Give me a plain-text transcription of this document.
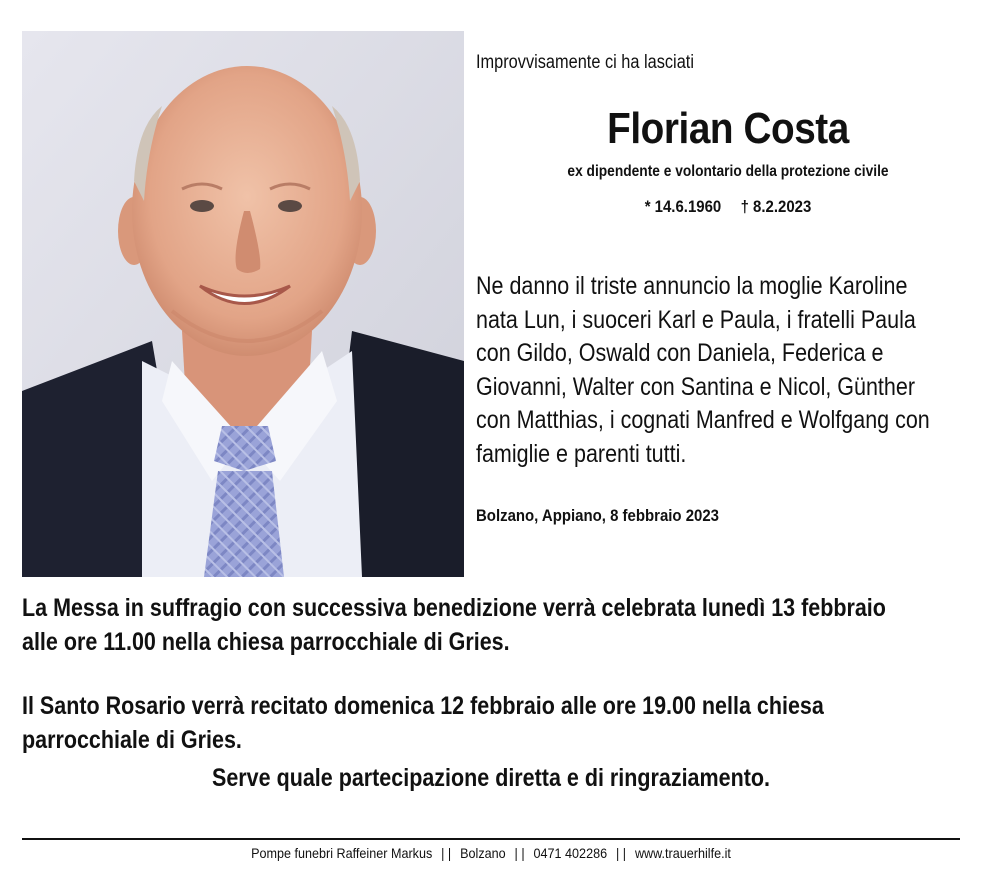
Improvvisamente ci ha lasciati
Florian Costa
ex dipendente e volontario della protezione civile
* 14.6.1960 † 8.2.2023
Ne danno il triste annuncio la moglie Karoline
nata Lun, i suoceri Karl e Paula, i fratelli Paula
con Gildo, Oswald con Daniela, Federica e
Giovanni, Walter con Santina e Nicol, Günther
con Matthias, i cognati Manfred e Wolfgang con
famiglie e parenti tutti.
Bolzano, Appiano, 8 febbraio 2023
La Messa in suffragio con successiva benedizione verrà celebrata lunedì 13 febbraio
alle ore 11.00 nella chiesa parrocchiale di Gries.
Il Santo Rosario verrà recitato domenica 12 febbraio alle ore 19.00 nella chiesa
parrocchiale di Gries.
Serve quale partecipazione diretta e di ringraziamento.
Pompe funebri Raffeiner Markus | | Bolzano | | 0471 402286 | | www.trauerhilfe.it
